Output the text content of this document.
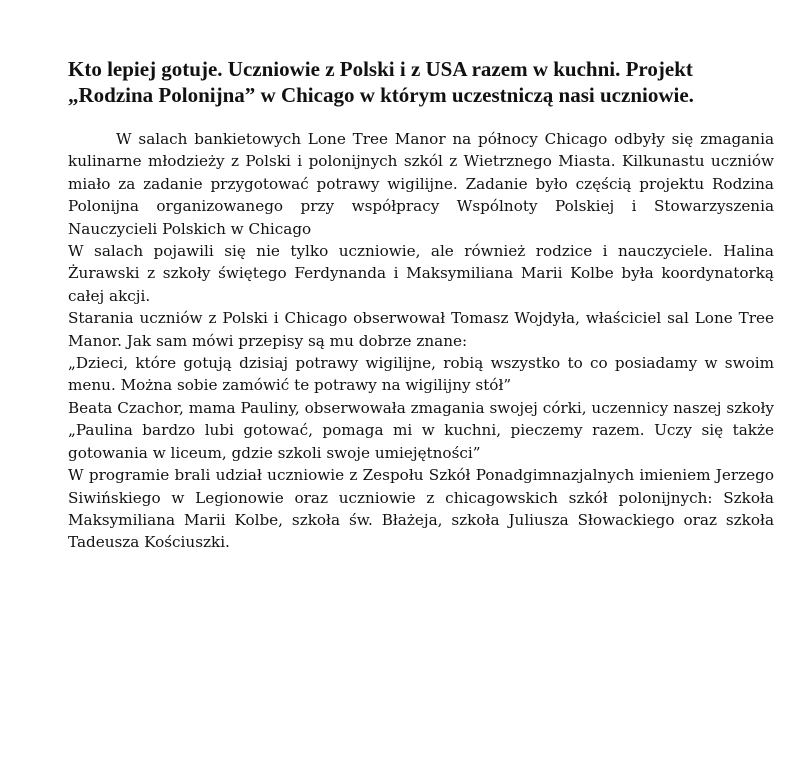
Kto lepiej gotuje. Uczniowie z Polski i z USA razem w kuchni. Projekt „Rodzina Polonijna” w Chicago w którym uczestniczą nasi uczniowie.

W salach bankietowych Lone Tree Manor na północy Chicago odbyły się zmagania kulinarne młodzieży z Polski i polonijnych szkól z Wietrznego Miasta. Kilkunastu uczniów miało za zadanie przygotować potrawy wigilijne. Zadanie było częścią projektu Rodzina Polonijna organizowanego przy współpracy Wspólnoty Polskiej i Stowarzyszenia Nauczycieli Polskich w Chicago

W salach pojawili się nie tylko uczniowie, ale również rodzice i nauczyciele. Halina Żurawski z szkoły świętego Ferdynanda i Maksymiliana Marii Kolbe była koordynatorką całej akcji.

Starania uczniów z Polski i Chicago obserwował Tomasz Wojdyła, właściciel sal Lone Tree Manor. Jak sam mówi przepisy są mu dobrze znane:

„Dzieci, które gotują dzisiaj potrawy wigilijne, robią wszystko to co posiadamy w swoim menu. Można sobie zamówić te potrawy na wigilijny stół”

Beata Czachor, mama Pauliny, obserwowała zmagania swojej córki, uczennicy naszej szkoły „Paulina bardzo lubi gotować, pomaga mi w kuchni, pieczemy razem. Uczy się także gotowania w liceum, gdzie szkoli swoje umiejętności”

W programie brali udział uczniowie z Zespołu Szkół Ponadgimnazjalnych imieniem Jerzego Siwińskiego w Legionowie oraz uczniowie z chicagowskich szkół polonijnych: Szkoła Maksymiliana Marii Kolbe, szkoła św. Błażeja, szkoła Juliusza Słowackiego oraz szkoła Tadeusza Kościuszki.
